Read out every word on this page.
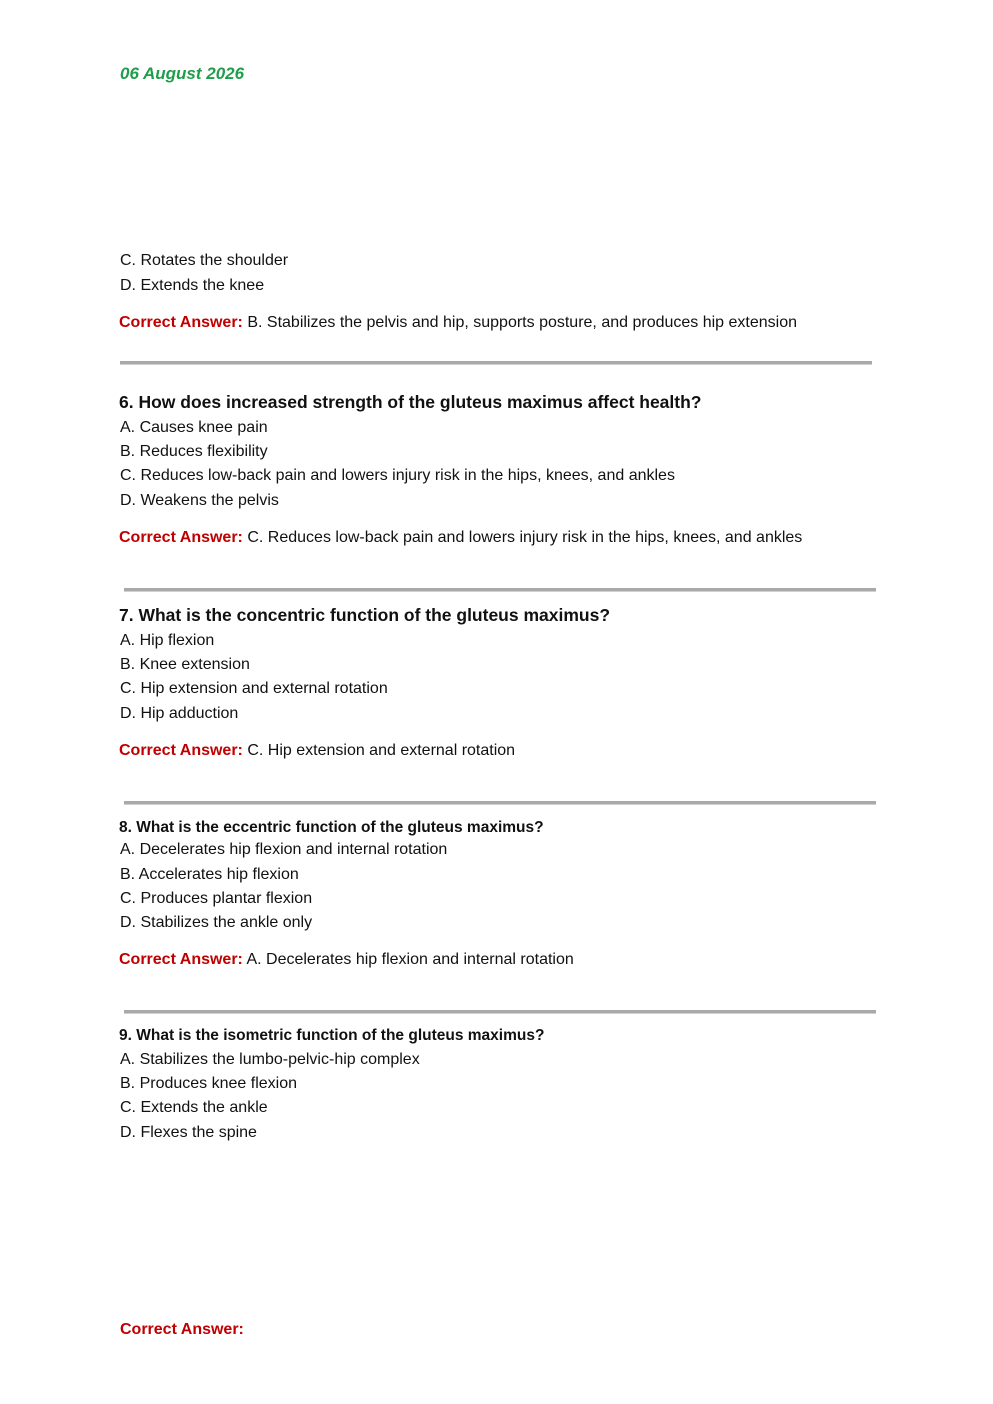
06 August 2026
C. Rotates the shoulder
D. Extends the knee
Correct Answer: B. Stabilizes the pelvis and hip, supports posture, and produces hip extension
6. How does increased strength of the gluteus maximus affect health?
A. Causes knee pain
B. Reduces flexibility
C. Reduces low-back pain and lowers injury risk in the hips, knees, and ankles
D. Weakens the pelvis
Correct Answer: C. Reduces low-back pain and lowers injury risk in the hips, knees, and ankles
7. What is the concentric function of the gluteus maximus?
A. Hip flexion
B. Knee extension
C. Hip extension and external rotation
D. Hip adduction
Correct Answer: C. Hip extension and external rotation
8. What is the eccentric function of the gluteus maximus?
A. Decelerates hip flexion and internal rotation
B. Accelerates hip flexion
C. Produces plantar flexion
D. Stabilizes the ankle only
Correct Answer: A. Decelerates hip flexion and internal rotation
9. What is the isometric function of the gluteus maximus?
A. Stabilizes the lumbo-pelvic-hip complex
B. Produces knee flexion
C. Extends the ankle
D. Flexes the spine
Correct Answer:
